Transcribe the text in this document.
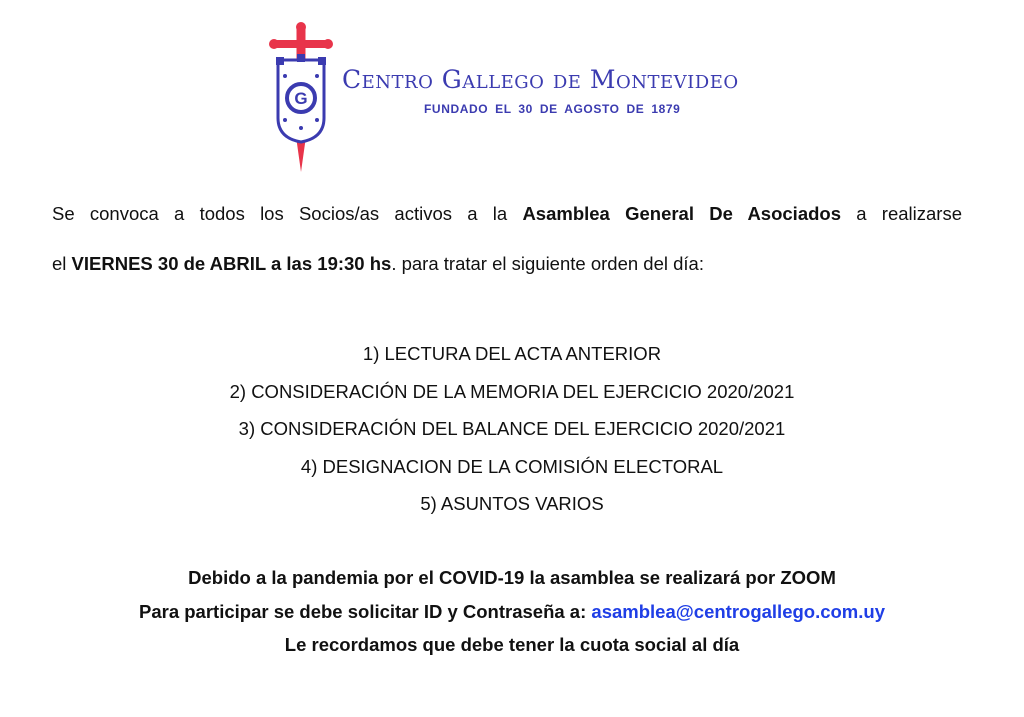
G
Centro Gallego de Montevideo
FUNDADO EL 30 DE AGOSTO DE 1879
Se convoca a todos los Socios/as activos a la Asamblea General De Asociados a realizarse
el VIERNES 30 de ABRIL a las 19:30 hs. para tratar el siguiente orden del día:
1) LECTURA DEL ACTA ANTERIOR
2) CONSIDERACIÓN DE LA MEMORIA DEL EJERCICIO 2020/2021
3) CONSIDERACIÓN DEL BALANCE DEL EJERCICIO 2020/2021
4) DESIGNACION DE LA COMISIÓN ELECTORAL
5) ASUNTOS VARIOS
Debido a la pandemia por el COVID-19 la asamblea se realizará por ZOOM
Para participar se debe solicitar ID y Contraseña a: asamblea@centrogallego.com.uy
Le recordamos que debe tener la cuota social al día
